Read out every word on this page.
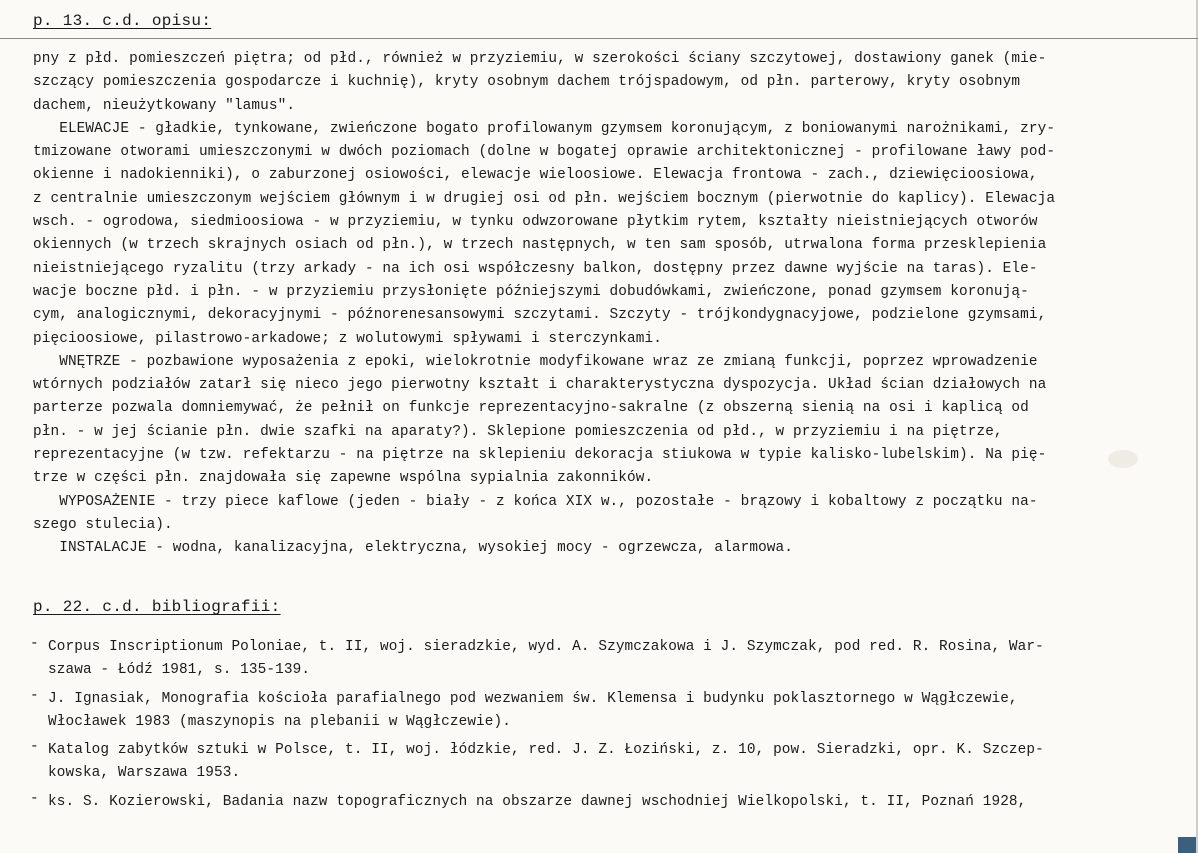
p. 13. c.d. opisu:
pny z płd. pomieszczeń piętra; od płd., również w przyziemiu, w szerokości ściany szczytowej, dostawiony ganek (mie-
szczący pomieszczenia gospodarcze i kuchnię), kryty osobnym dachem trójspadowym, od płn. parterowy, kryty osobnym
dachem, nieużytkowany "lamus".
ELEWACJE - gładkie, tynkowane, zwieńczone bogato profilowanym gzymsem koronującym, z boniowanymi narożnikami, zry-
tmizowane otworami umieszczonymi w dwóch poziomach (dolne w bogatej oprawie architektonicznej - profilowane ławy pod-
okienne i nadokienniki), o zaburzonej osiowości, elewacje wieloosiowe. Elewacja frontowa - zach., dziewięcioosiowa,
z centralnie umieszczonym wejściem głównym i w drugiej osi od płn. wejściem bocznym (pierwotnie do kaplicy). Elewacja
wsch. - ogrodowa, siedmioosiowa - w przyziemiu, w tynku odwzorowane płytkim rytem, kształty nieistniejących otworów
okiennych (w trzech skrajnych osiach od płn.), w trzech następnych, w ten sam sposób, utrwalona forma przesklepienia
nieistniejącego ryzalitu (trzy arkady - na ich osi współczesny balkon, dostępny przez dawne wyjście na taras). Ele-
wacje boczne płd. i płn. - w przyziemiu przysłonięte późniejszymi dobudówkami, zwieńczone, ponad gzymsem koronują-
cym, analogicznymi, dekoracyjnymi - późnorenesansowymi szczytami. Szczyty - trójkondygnacyjowe, podzielone gzymsami,
pięcioosiowe, pilastrowo-arkadowe; z wolutowymi spływami i sterczynkami.
WNĘTRZE - pozbawione wyposażenia z epoki, wielokrotnie modyfikowane wraz ze zmianą funkcji, poprzez wprowadzenie
wtórnych podziałów zatarł się nieco jego pierwotny kształt i charakterystyczna dyspozycja. Układ ścian działowych na
parterze pozwala domniemywać, że pełnił on funkcje reprezentacyjno-sakralne (z obszerną sienią na osi i kaplicą od
płn. - w jej ścianie płn. dwie szafki na aparaty?). Sklepione pomieszczenia od płd., w przyziemiu i na piętrze,
reprezentacyjne (w tzw. refektarzu - na piętrze na sklepieniu dekoracja stiukowa w typie kalisko-lubelskim). Na pię-
trze w części płn. znajdowała się zapewne wspólna sypialnia zakonników.
WYPOSAŻENIE - trzy piece kaflowe (jeden - biały - z końca XIX w., pozostałe - brązowy i kobaltowy z początku na-
szego stulecia).
INSTALACJE - wodna, kanalizacyjna, elektryczna, wysokiej mocy - ogrzewcza, alarmowa.
p. 22. c.d. bibliografii:
- Corpus Inscriptionum Poloniae, t. II, woj. sieradzkie, wyd. A. Szymczakowa i J. Szymczak, pod red. R. Rosina, War-
szawa - Łódź 1981, s. 135-139.
- J. Ignasiak, Monografia kościoła parafialnego pod wezwaniem św. Klemensa i budynku poklasztornego w Wągłczewie,
Włocławek 1983 (maszynopis na plebanii w Wągłczewie).
- Katalog zabytków sztuki w Polsce, t. II, woj. łódzkie, red. J. Z. Łoziński, z. 10, pow. Sieradzki, opr. K. Szczep-
kowska, Warszawa 1953.
- ks. S. Kozierowski, Badania nazw topograficznych na obszarze dawnej wschodniej Wielkopolski, t. II, Poznań 1928,
